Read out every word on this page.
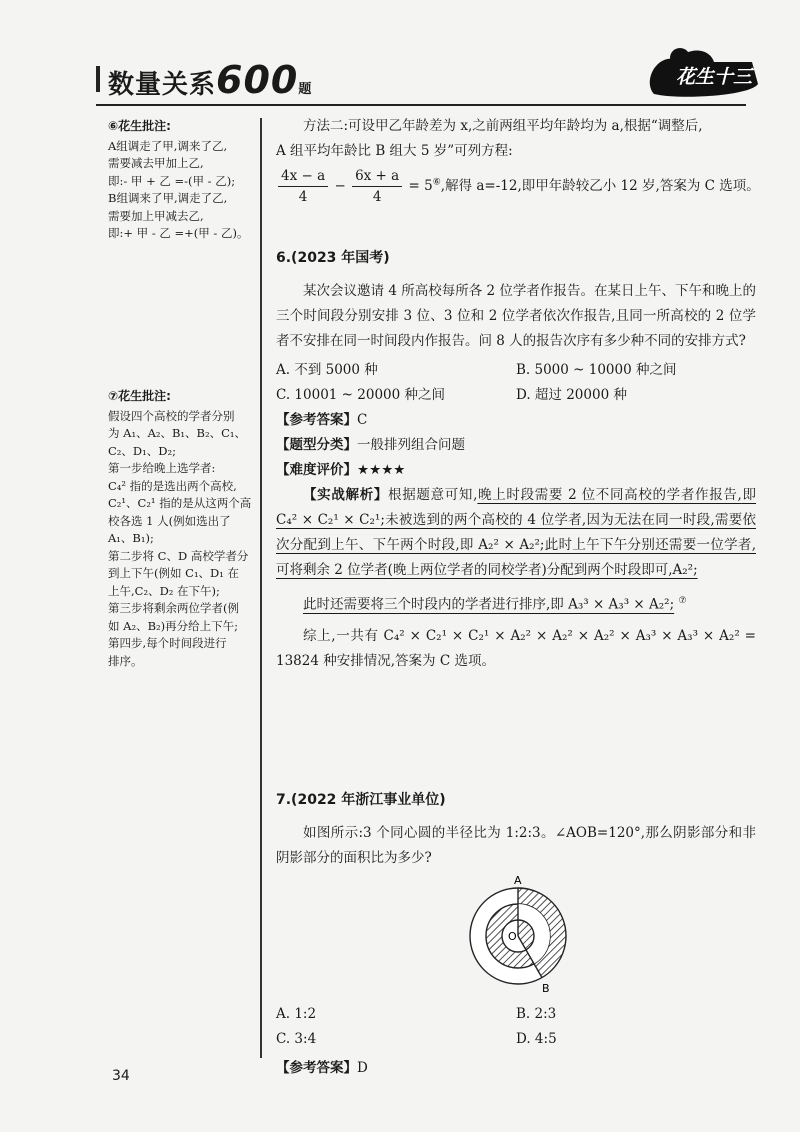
数量关系600题
花生十三
⑥花生批注:
A组调走了甲,调来了乙,
需要减去甲加上乙,
即:- 甲 + 乙 =-(甲 - 乙);
B组调来了甲,调走了乙,
需要加上甲减去乙,
即:+ 甲 - 乙 =+(甲 - 乙)。
⑦花生批注:
假设四个高校的学者分别
为 A₁、A₂、B₁、B₂、C₁、
C₂、D₁、D₂;
第一步给晚上选学者:
C₄² 指的是选出两个高校,
C₂¹、C₂¹ 指的是从这两个高
校各选 1 人(例如选出了
A₁、B₁);
第二步将 C、D 高校学者分
到上下午(例如 C₁、D₁ 在
上午,C₂、D₂ 在下午);
第三步将剩余两位学者(例
如 A₂、B₂)再分给上下午;
第四步,每个时间段进行
排序。
方法二:可设甲乙年龄差为 x,之前两组平均年龄均为 a,根据“调整后,
A 组平均年龄比 B 组大 5 岁”可列方程:
$\frac{4x - a}{4} - \frac{6x + a}{4} = 5^⑥$,解得 a=-12,即甲年龄较乙小 12 岁,答案为 C 选项。
6.(2023 年国考)
某次会议邀请 4 所高校每所各 2 位学者作报告。在某日上午、下午和晚上的三个时间段分别安排 3 位、3 位和 2 位学者依次作报告,且同一所高校的 2 位学者不安排在同一时间段内作报告。问 8 人的报告次序有多少种不同的安排方式?
A. 不到 5000 种	B. 5000 ~ 10000 种之间
C. 10001 ~ 20000 种之间	D. 超过 20000 种
【参考答案】C
【题型分类】一般排列组合问题
【难度评价】★★★★
【实战解析】根据题意可知,晚上时段需要 2 位不同高校的学者作报告,即 C₄² × C₂¹ × C₂¹;未被选到的两个高校的 4 位学者,因为无法在同一时段,需要依次分配到上午、下午两个时段,即 A₂² × A₂²;此时上午下午分别还需要一位学者,可将剩余 2 位学者(晚上两位学者的同校学者)分配到两个时段即可,A₂²;
此时还需要将三个时段内的学者进行排序,即 A₃³ × A₃³ × A₂²; ⑦
综上,一共有 C₄² × C₂¹ × C₂¹ × A₂² × A₂² × A₂² × A₃³ × A₃³ × A₂² = 13824 种安排情况,答案为 C 选项。
7.(2022 年浙江事业单位)
如图所示:3 个同心圆的半径比为 1:2:3。∠AOB=120°,那么阴影部分和非阴影部分的面积比为多少?
A
B
O
A. 1:2	B. 2:3
C. 3:4	D. 4:5
【参考答案】D
34
